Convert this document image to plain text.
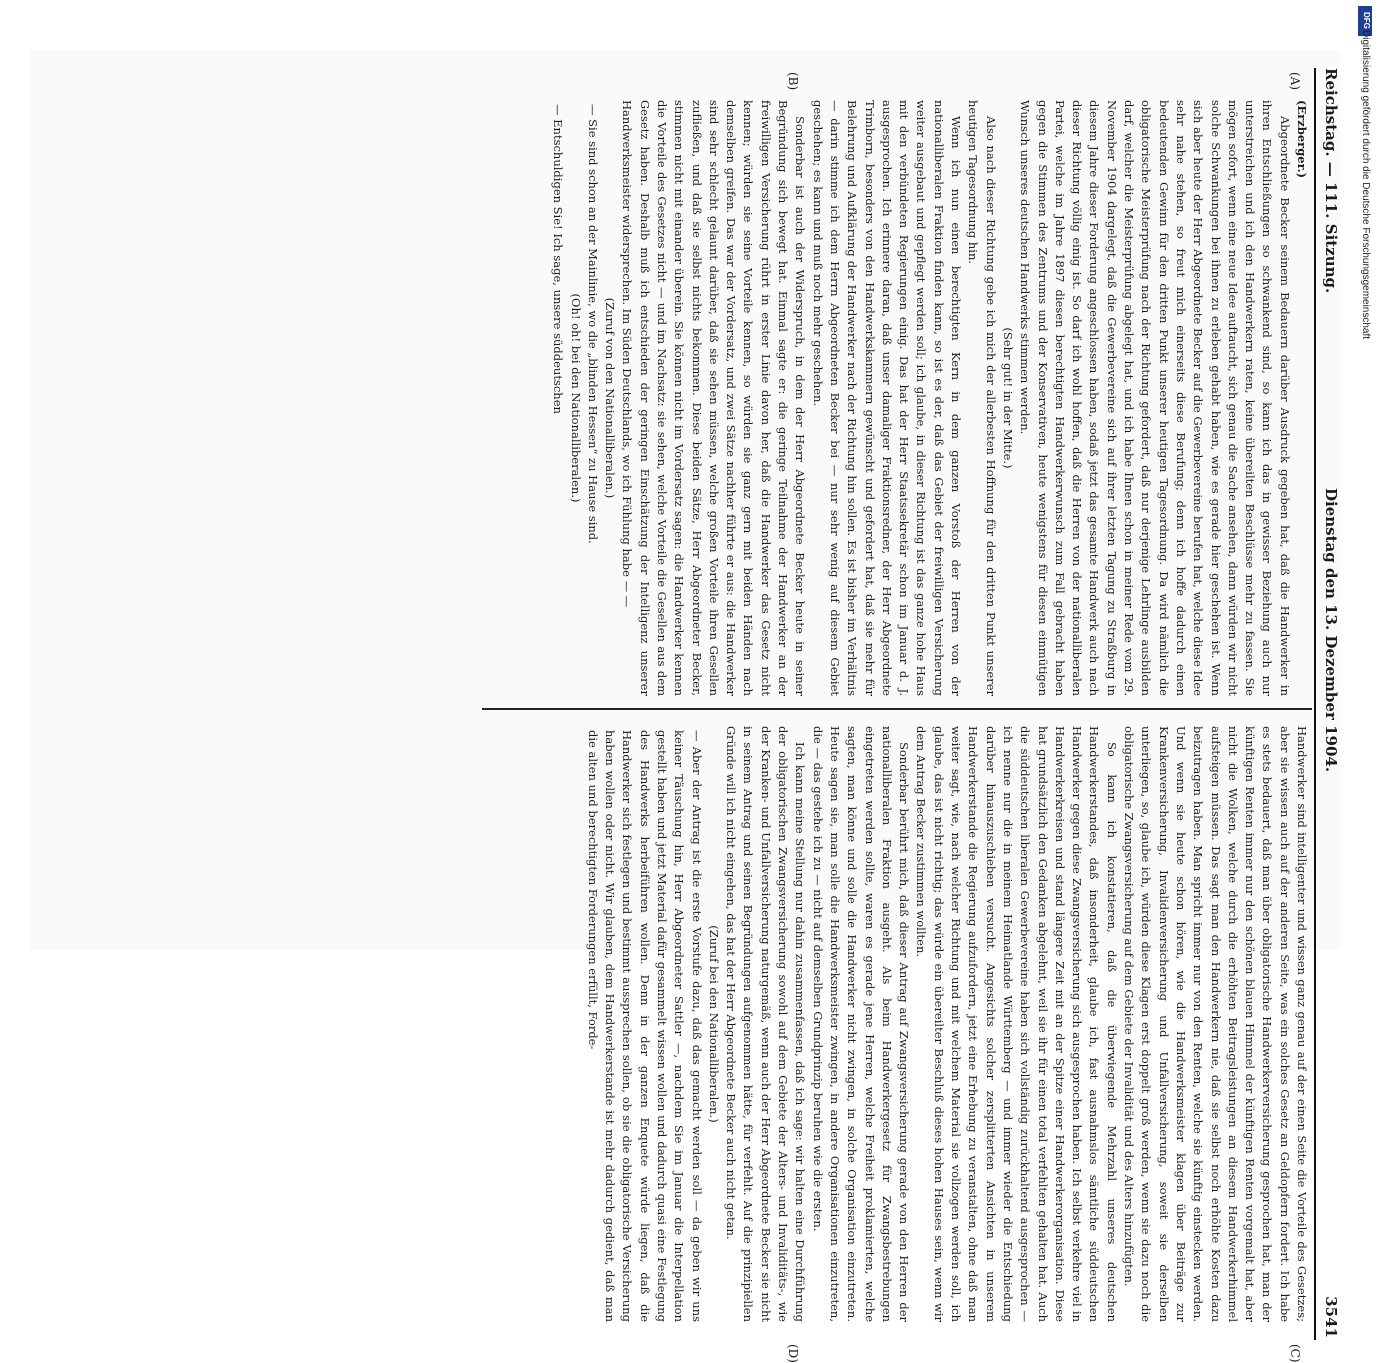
Reichstag. — 111. Sitzung.
Dienstag den 13. Dezember 1904.
3541
(A)
(B)
(C)
(D)

(Erzberger.)

Abgeordnete Becker seinem Bedauern darüber Ausdruck gegeben hat, daß die Handwerker in ihren Entschließungen so schwankend sind, so kann ich das in gewisser Beziehung auch nur unterstreichen und ich den Handwerkern raten, keine übereilten Beschlüsse mehr zu fassen. Sie mögen sofort, wenn eine neue Idee auftaucht, sich genau die Sache ansehen, dann würden wir nicht solche Schwankungen bei ihnen zu erleben gehabt haben, wie es gerade hier geschehen ist. Wenn sich aber heute der Herr Abgeordnete Becker auf die Gewerbevereine berufen hat, welche diese Idee sehr nahe stehen, so freut mich einerseits diese Berufung; denn ich hoffe dadurch einen bedeutenden Gewinn für den dritten Punkt unserer heutigen Tagesordnung. Da wird nämlich die obligatorische Meisterprüfung nach der Richtung gefordert, daß nur derjenige Lehrlinge ausbilden darf, welcher die Meisterprüfung abgelegt hat, und ich habe Ihnen schon in meiner Rede vom 29. November 1904 dargelegt, daß die Gewerbevereine sich auf ihrer letzten Tagung zu Straßburg in diesem Jahre dieser Forderung angeschlossen haben, sodaß jetzt das gesamte Handwerk auch nach dieser Richtung völlig einig ist. So darf ich wohl hoffen, daß die Herren von der nationalliberalen Partei, welche im Jahre 1897 diesen berechtigten Handwerkerwunsch zum Fall gebracht haben gegen die Stimmen des Zentrums und der Konservativen, heute wenigstens für diesen einmütigen Wunsch unseres deutschen Handwerks stimmen werden.

(Sehr gut! in der Mitte.)

Also nach dieser Richtung gebe ich mich der allerbesten Hoffnung für den dritten Punkt unserer heutigen Tagesordnung hin.

Wenn ich nun einen berechtigten Kern in dem ganzen Vorstoß der Herren von der nationalliberalen Fraktion finden kann, so ist es der, daß das Gebiet der freiwilligen Versicherung weiter ausgebaut und gepflegt werden soll; ich glaube, in dieser Richtung ist das ganze hohe Haus mit den verbündeten Regierungen einig. Das hat der Herr Staatssekretär schon im Januar d. J. ausgesprochen. Ich erinnere daran, daß unser damaliger Fraktionsredner, der Herr Abgeordnete Trimborn, besonders von den Handwerkskammern gewünscht und gefordert hat, daß sie mehr für Belehrung und Aufklärung der Handwerker nach der Richtung hin sollen. Es ist bisher im Verhältnis — darin stimme ich dem Herrn Abgeordneten Becker bei — nur sehr wenig auf diesem Gebiet geschehen; es kann und muß noch mehr geschehen.

Sonderbar ist auch der Widerspruch, in dem der Herr Abgeordnete Becker heute in seiner Begründung sich bewegt hat. Einmal sagte er: die geringe Teilnahme der Handwerker an der freiwilligen Versicherung rührt in erster Linie davon her, daß die Handwerker das Gesetz nicht kennen; würden sie seine Vorteile kennen, so würden sie ganz gern mit beiden Händen nach demselben greifen. Das war der Vordersatz, und zwei Sätze nachher führte er aus: die Handwerker sind sehr schlecht gelaunt darüber, daß sie sehen müssen, welche großen Vorteile ihren Gesellen zufließen, und daß sie selbst nichts bekommen. Diese beiden Sätze, Herr Abgeordneter Becker, stimmen nicht mit einander überein. Sie können nicht im Vordersatz sagen: die Handwerker kennen die Vorteile des Gesetzes nicht — und im Nachsatz: sie sehen, welche Vorteile die Gesellen aus dem Gesetz haben. Deshalb muß ich entschieden der geringen Einschätzung der Intelligenz unserer Handwerksmeister widersprechen. Im Süden Deutschlands, wo ich Fühlung habe — —

(Zuruf von den Nationalliberalen.)

— Sie sind schon an der Mainlinie, wo die „blinden Hessen“ zu Hause sind.

(Oh! oh! bei den Nationalliberalen.)

— Entschuldigen Sie! Ich sage, unsere süddeutschen

Handwerker sind intelligenter und wissen ganz genau auf der einen Seite die Vorteile des Gesetzes; aber sie wissen auch auf der anderen Seite, was ein solches Gesetz an Geldopfern fordert. Ich habe es stets bedauert, daß man über obligatorische Handwerkerversicherung gesprochen hat, man der künftigen Renten immer nur den schönen blauen Himmel der künftigen Renten vorgemalt hat, aber nicht die Wolken, welche durch die erhöhten Beitragsleistungen an diesem Handwerkerhimmel aufsteigen müssen. Das sagt man den Handwerkern nie, daß sie selbst noch erhöhte Kosten dazu beizutragen haben. Man spricht immer nur von den Renten, welche sie künftig einstecken werden. Und wenn sie heute schon hören, wie die Handwerksmeister klagen über Beiträge zur Krankenversicherung, Invalidenversicherung und Unfallversicherung, soweit sie derselben unterliegen, so, glaube ich, würden diese Klagen erst doppelt groß werden, wenn sie dazu noch die obligatorische Zwangsversicherung auf dem Gebiete der Invalidität und des Alters hinzufügten.

So kann ich konstatieren, daß die überwiegende Mehrzahl unseres deutschen Handwerkerstandes, daß insonderheit, glaube ich, fast ausnahmslos sämtliche süddeutschen Handwerker gegen diese Zwangsversicherung sich ausgesprochen haben. Ich selbst verkehre viel in Handwerkerkreisen und stand längere Zeit mit an der Spitze einer Handwerkerorganisation. Diese hat grundsätzlich den Gedanken abgelehnt, weil sie ihr für einen total verfehlten gehalten hat. Auch die süddeutschen liberalen Gewerbevereine haben sich vollständig zurückhaltend ausgesprochen — ich nenne nur die in meinem Heimatlande Württemberg — und immer wieder die Entschiedung darüber hinauszuschieben versucht. Angesichts solcher zersplitterten Ansichten in unserem Handwerkerstande die Regierung aufzufordern, jetzt eine Erhebung zu veranstalten, ohne daß man weiter sagt, wie, nach welcher Richtung und mit welchem Material sie vollzogen werden soll, ich glaube, das ist nicht richtig; das würde ein übereilter Beschluß dieses hohen Hauses sein, wenn wir dem Antrag Becker zustimmen wollten.

Sonderbar berührt mich, daß dieser Antrag auf Zwangsversicherung gerade von den Herren der nationalliberalen Fraktion ausgeht. Als beim Handwerkergesetz für Zwangsbestrebungen eingetreten werden sollte, waren es gerade jene Herren, welche Freiheit proklamierten, welche sagten, man könne und solle die Handwerker nicht zwingen, in solche Organisation einzutreten. Heute sagen sie, man solle die Handwerksmeister zwingen, in andere Organisationen einzutreten, die — das gestehe ich zu — nicht auf demselben Grundprinzip beruhen wie die ersten.

Ich kann meine Stellung nur dahin zusammenfassen, daß ich sage: wir halten eine Durchführung der obligatorischen Zwangsversicherung sowohl auf dem Gebiete der Alters- und Invaliditäts-, wie der Kranken- und Unfallversicherung naturgemäß, wenn auch der Herr Abgeordnete Becker sie nicht in seinem Antrag und seinen Begründungen aufgenommen hätte, für verfehlt. Auf die prinzipiellen Gründe will ich nicht eingehen, das hat der Herr Abgeordnete Becker auch nicht getan.

(Zuruf bei den Nationalliberalen.)

— Aber der Antrag ist die erste Vorstufe dazu, daß das gemacht werden soll — da geben wir uns keiner Täuschung hin, Herr Abgeordneter Sattler —, nachdem Sie im Januar die Interpellation gestellt haben und jetzt Material dafür gesammelt wissen wollen und dadurch quasi eine Festlegung des Handwerks herbeiführen wollen. Denn in der ganzen Enquete würde liegen, daß die Handwerker sich festlegen und bestimmt aussprechen sollen, ob sie die obligatorische Versicherung haben wollen oder nicht. Wir glauben, dem Handwerkerstande ist mehr dadurch gedient, daß man die alten und berechtigten Forderungen erfüllt, Forde-

DFG
Digitalisierung gefördert durch die Deutsche Forschungsgemeinschaft
